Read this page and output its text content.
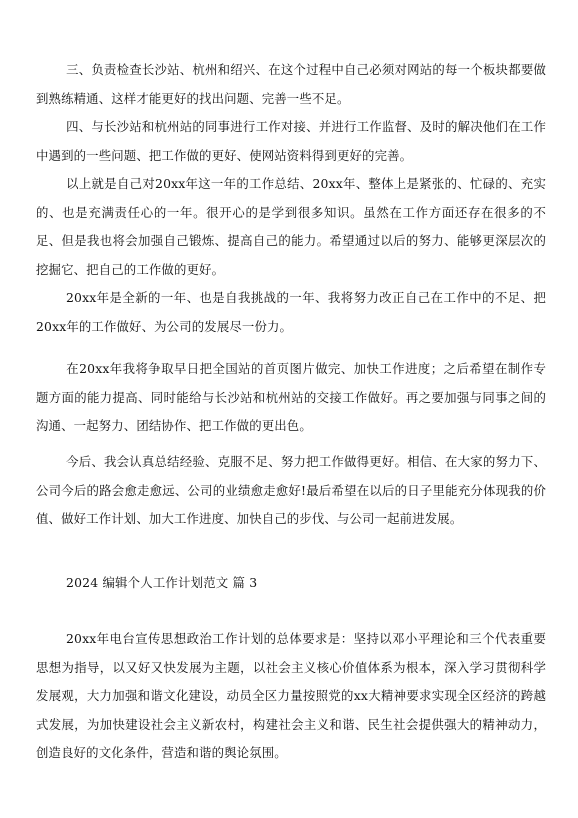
三、负责检查长沙站、杭州和绍兴、在这个过程中自己必须对网站的每一个板块都要做到熟练精通、这样才能更好的找出问题、完善一些不足。

四、与长沙站和杭州站的同事进行工作对接、并进行工作监督、及时的解决他们在工作中遇到的一些问题、把工作做的更好、使网站资料得到更好的完善。

以上就是自己对20xx年这一年的工作总结、20xx年、整体上是紧张的、忙碌的、充实的、也是充满责任心的一年。很开心的是学到很多知识。虽然在工作方面还存在很多的不足、但是我也将会加强自己锻炼、提高自己的能力。希望通过以后的努力、能够更深层次的挖掘它、把自己的工作做的更好。

20xx年是全新的一年、也是自我挑战的一年、我将努力改正自己在工作中的不足、把20xx年的工作做好、为公司的发展尽一份力。

在20xx年我将争取早日把全国站的首页图片做完、加快工作进度；之后希望在制作专题方面的能力提高、同时能给与长沙站和杭州站的交接工作做好。再之要加强与同事之间的沟通、一起努力、团结协作、把工作做的更出色。

今后、我会认真总结经验、克服不足、努力把工作做得更好。相信、在大家的努力下、公司今后的路会愈走愈远、公司的业绩愈走愈好!最后希望在以后的日子里能充分体现我的价值、做好工作计划、加大工作进度、加快自己的步伐、与公司一起前进发展。

2024 编辑个人工作计划范文 篇 3

20xx年电台宣传思想政治工作计划的总体要求是：坚持以邓小平理论和三个代表重要思想为指导，以又好又快发展为主题，以社会主义核心价值体系为根本，深入学习贯彻科学发展观，大力加强和谐文化建设，动员全区力量按照党的xx大精神要求实现全区经济的跨越式发展，为加快建设社会主义新农村，构建社会主义和谐、民生社会提供强大的精神动力，创造良好的文化条件，营造和谐的舆论氛围。
